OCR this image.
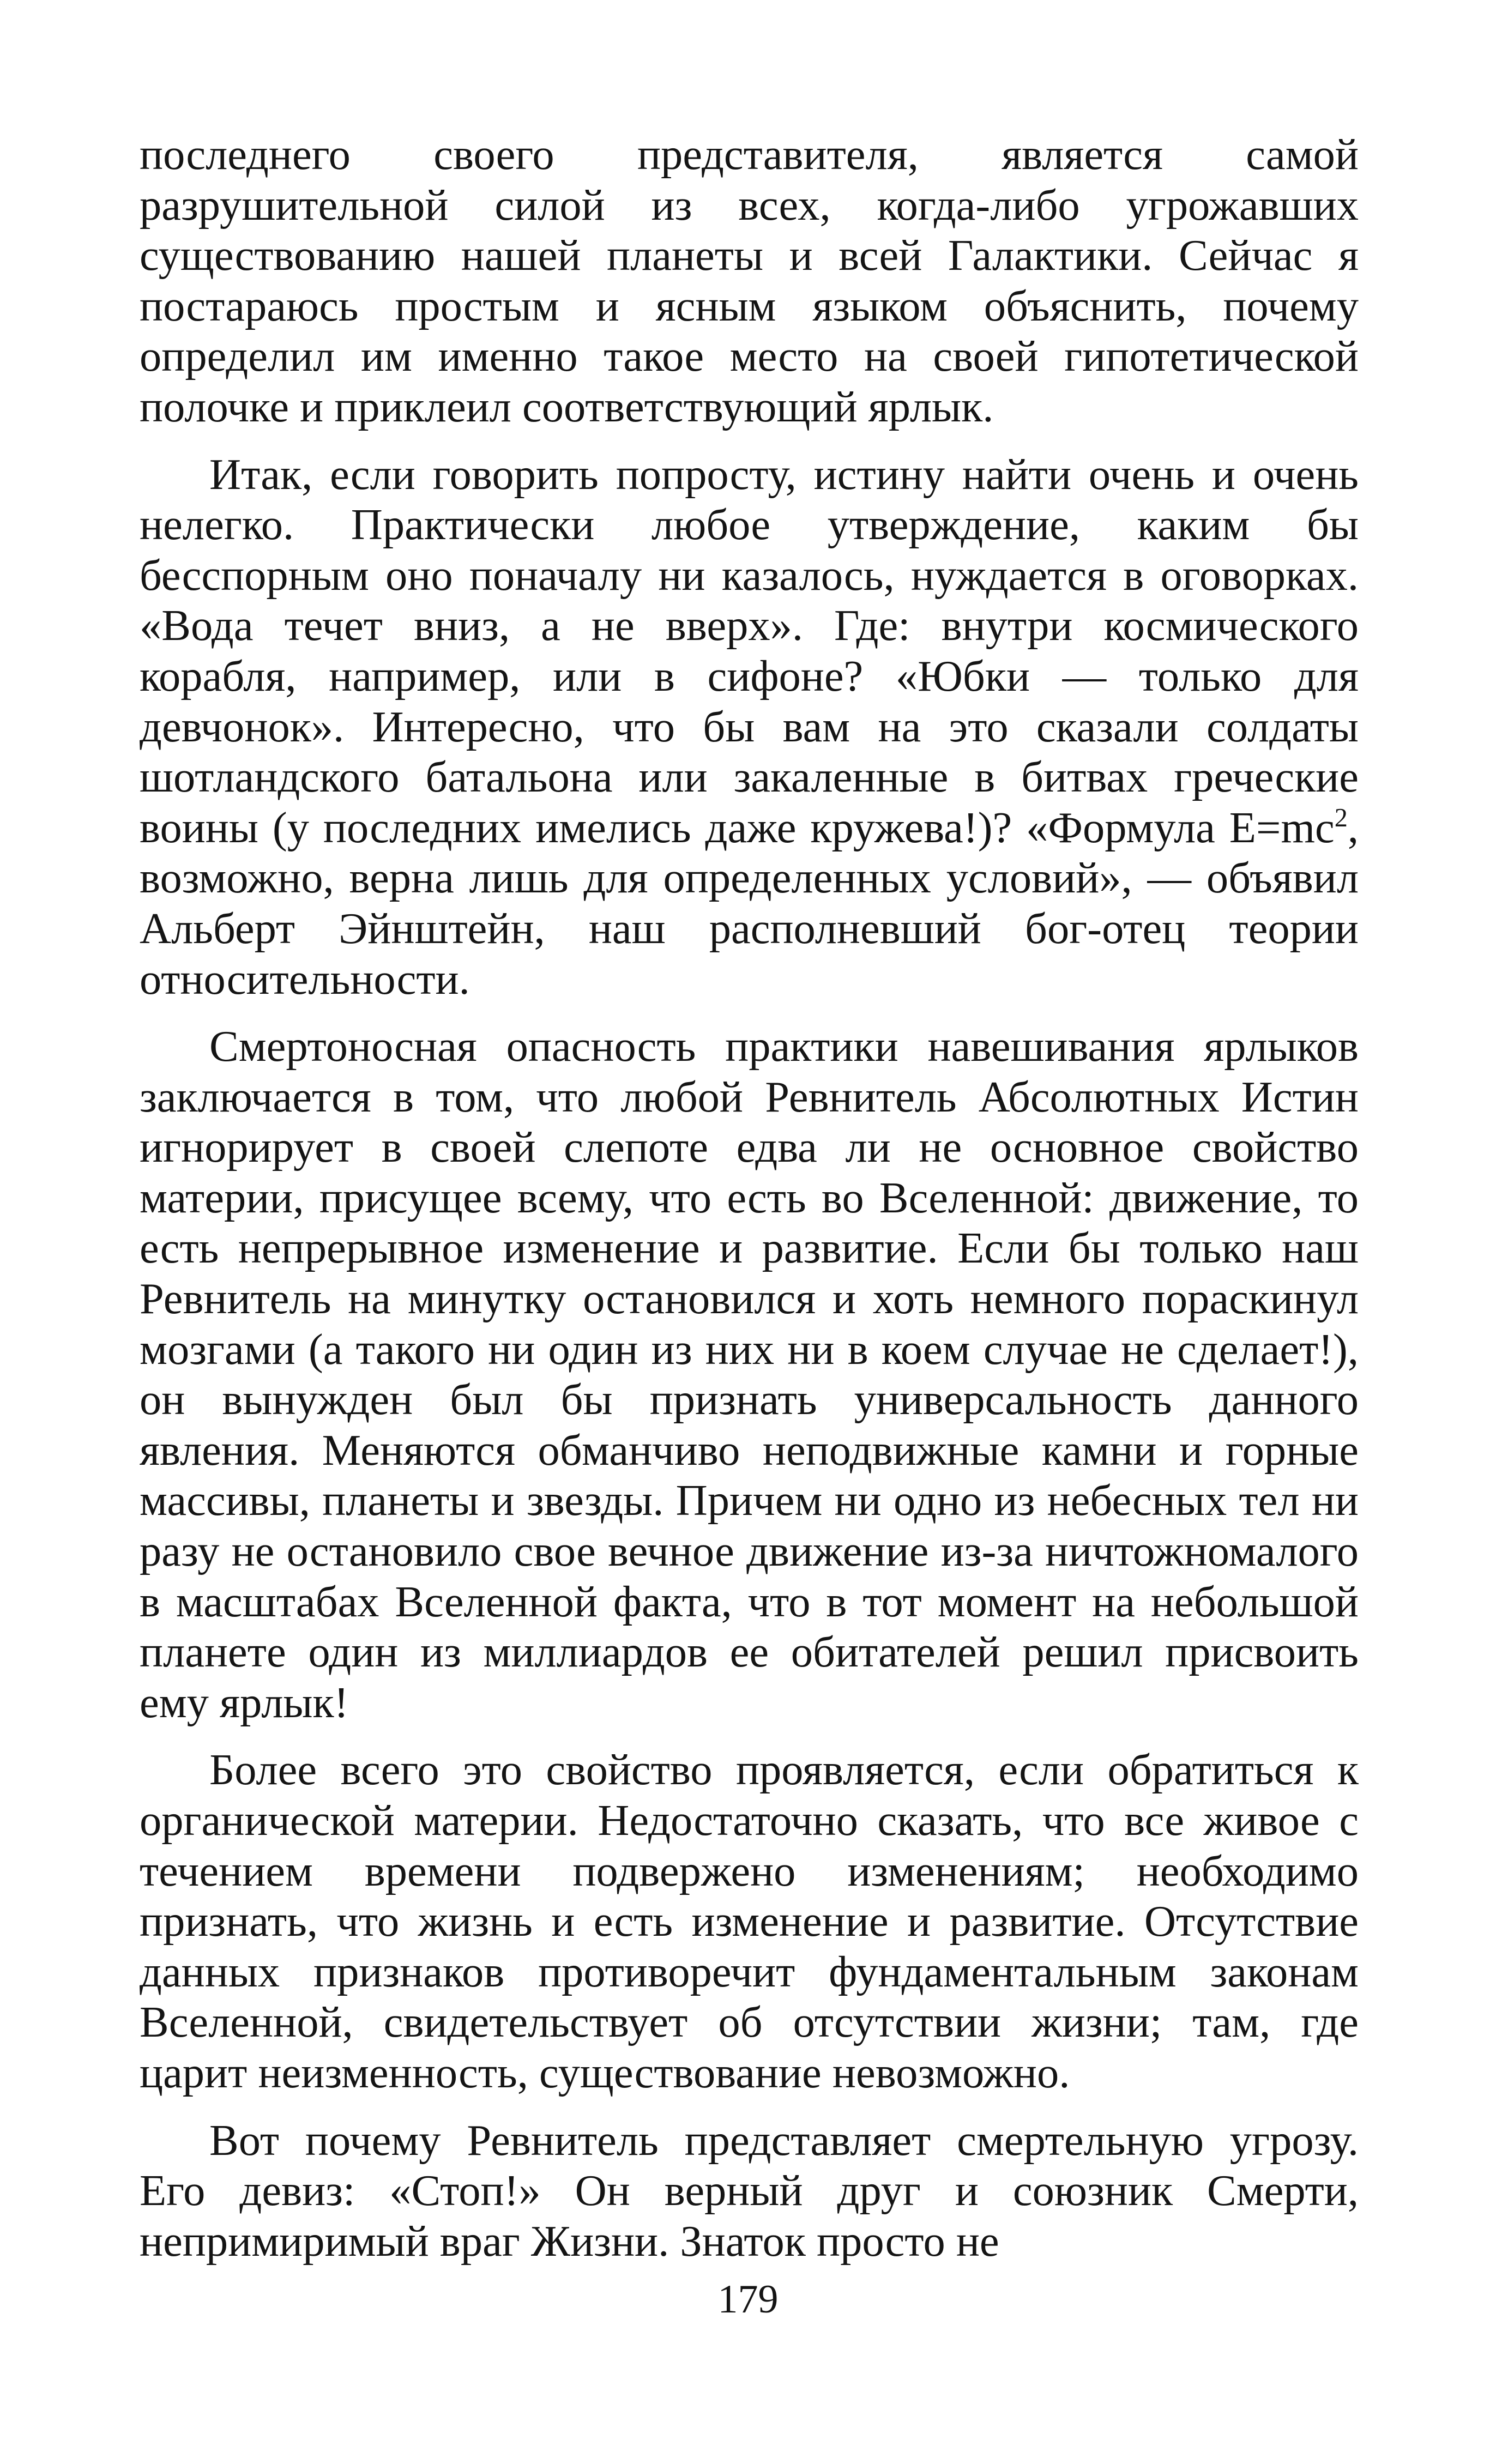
последнего своего представителя, является самой разрушительной силой из всех, когда-либо угрожавших существованию нашей планеты и всей Галактики. Сейчас я постараюсь простым и ясным языком объяснить, почему определил им именно такое место на своей гипотетической полочке и приклеил соответствующий ярлык.

Итак, если говорить попросту, истину найти очень и очень нелегко. Практически любое утверждение, каким бы бесспорным оно поначалу ни казалось, нуждается в оговорках. «Вода течет вниз, а не вверх». Где: внутри космического корабля, например, или в сифоне? «Юбки — только для девчонок». Интересно, что бы вам на это сказали солдаты шотландского батальона или закаленные в битвах греческие воины (у последних имелись даже кружева!)? «Формула $E=mc^2$, возможно, верна лишь для определенных условий», — объявил Альберт Эйнштейн, наш располневший бог-отец теории относительности.

Смертоносная опасность практики навешивания ярлыков заключается в том, что любой Ревнитель Абсолютных Истин игнорирует в своей слепоте едва ли не основное свойство материи, присущее всему, что есть во Вселенной: движение, то есть непрерывное изменение и развитие. Если бы только наш Ревнитель на минутку остановился и хоть немного пораскинул мозгами (а такого ни один из них ни в коем случае не сделает!), он вынужден был бы признать универсальность данного явления. Меняются обманчиво неподвижные камни и горные массивы, планеты и звезды. Причем ни одно из небесных тел ни разу не остановило свое вечное движение из-за ничтожномалого в масштабах Вселенной факта, что в тот момент на небольшой планете один из миллиардов ее обитателей решил присвоить ему ярлык!

Более всего это свойство проявляется, если обратиться к органической материи. Недостаточно сказать, что все живое с течением времени подвержено изменениям; необходимо признать, что жизнь и есть изменение и развитие. Отсутствие данных признаков противоречит фундаментальным законам Вселенной, свидетельствует об отсутствии жизни; там, где царит неизменность, существование невозможно.

Вот почему Ревнитель представляет смертельную угрозу. Его девиз: «Стоп!» Он верный друг и союзник Смерти, непримиримый враг Жизни. Знаток просто не

179
